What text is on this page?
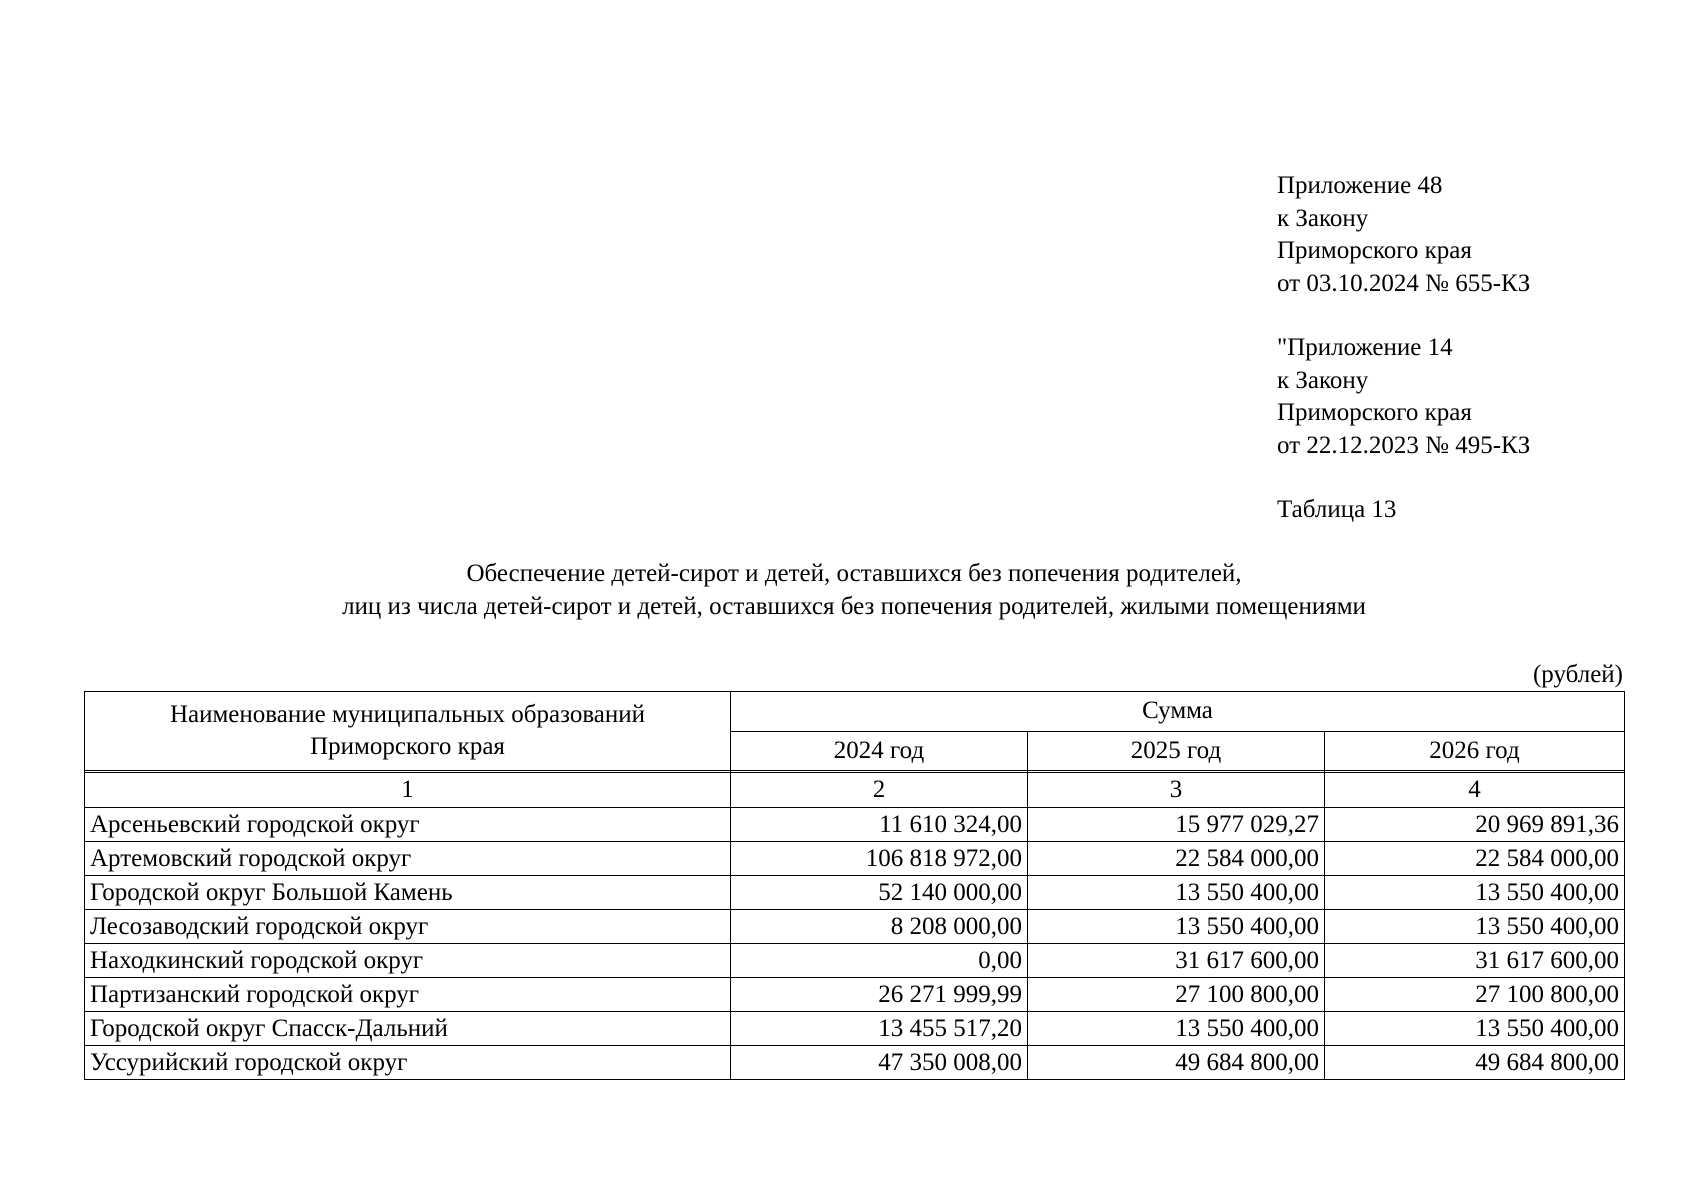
Приложение 48
к Закону
Приморского края
от 03.10.2024 № 655-КЗ
"Приложение 14
к Закону
Приморского края
от 22.12.2023 № 495-КЗ
Таблица 13
Обеспечение детей-сирот и детей, оставшихся без попечения родителей,
лиц из числа детей-сирот и детей, оставшихся без попечения родителей, жилыми помещениями
(рублей)
Наименование муниципальных образований
Приморского края	Сумма		
	2024 год	2025 год	2026 год

1	2	3	4
Арсеньевский городской округ	11 610 324,00	15 977 029,27	20 969 891,36
Артемовский городской округ	106 818 972,00	22 584 000,00	22 584 000,00
Городской округ Большой Камень	52 140 000,00	13 550 400,00	13 550 400,00
Лесозаводский городской округ	8 208 000,00	13 550 400,00	13 550 400,00
Находкинский городской округ	0,00	31 617 600,00	31 617 600,00
Партизанский городской округ	26 271 999,99	27 100 800,00	27 100 800,00
Городской округ Спасск-Дальний	13 455 517,20	13 550 400,00	13 550 400,00
Уссурийский городской округ	47 350 008,00	49 684 800,00	49 684 800,00
